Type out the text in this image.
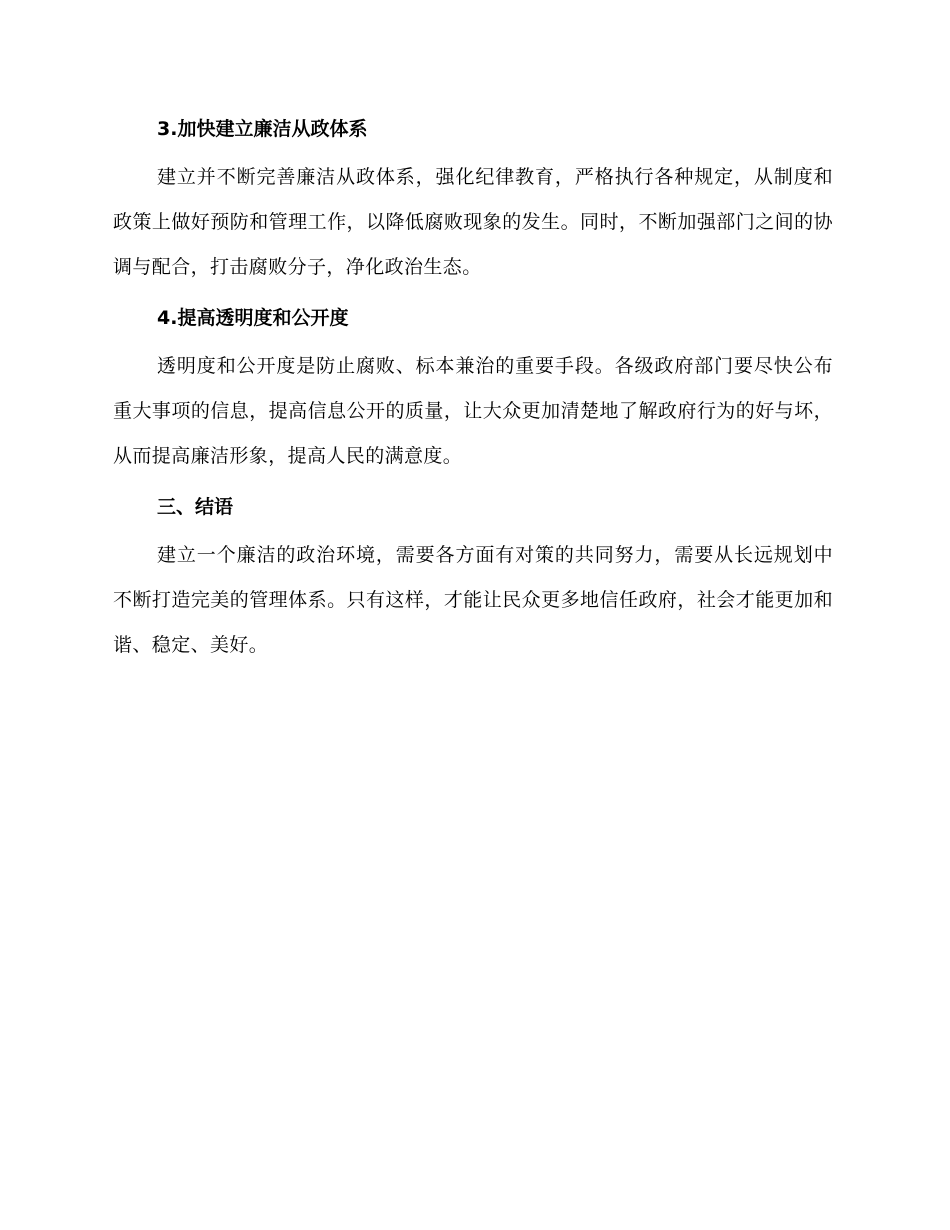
3.加快建立廉洁从政体系

建立并不断完善廉洁从政体系，强化纪律教育，严格执行各种规定，从制度和政策上做好预防和管理工作，以降低腐败现象的发生。同时，不断加强部门之间的协调与配合，打击腐败分子，净化政治生态。

4.提高透明度和公开度

透明度和公开度是防止腐败、标本兼治的重要手段。各级政府部门要尽快公布重大事项的信息，提高信息公开的质量，让大众更加清楚地了解政府行为的好与坏，从而提高廉洁形象，提高人民的满意度。

三、结语

建立一个廉洁的政治环境，需要各方面有对策的共同努力，需要从长远规划中不断打造完美的管理体系。只有这样，才能让民众更多地信任政府，社会才能更加和谐、稳定、美好。
